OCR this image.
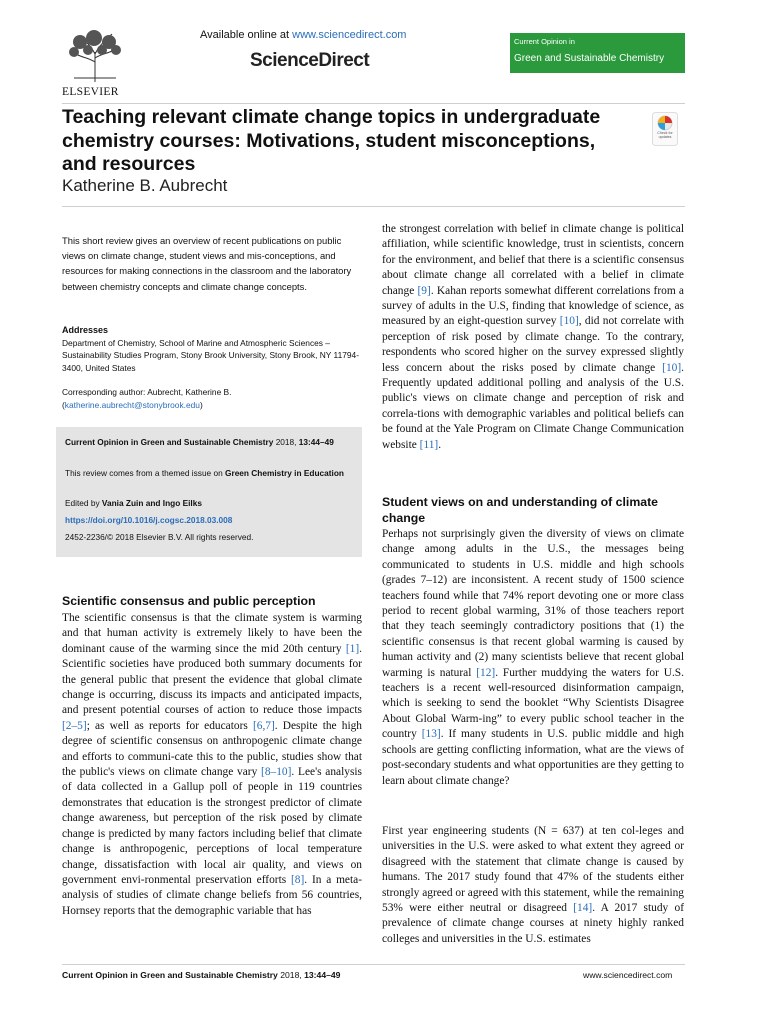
Available online at www.sciencedirect.com
ScienceDirect
ELSEVIER
Current Opinion in
Green and Sustainable Chemistry
Teaching relevant climate change topics in undergraduate chemistry courses: Motivations, student misconceptions, and resources
Katherine B. Aubrecht
Check for updates
This short review gives an overview of recent publications on public views on climate change, student views and mis-conceptions, and resources for making connections in the classroom and the laboratory between chemistry concepts and climate change concepts.
Addresses
Department of Chemistry, School of Marine and Atmospheric Sciences – Sustainability Studies Program, Stony Brook University, Stony Brook, NY 11794-3400, United States
Corresponding author: Aubrecht, Katherine B. (katherine.aubrecht@stonybrook.edu)
Current Opinion in Green and Sustainable Chemistry 2018, 13:44–49
This review comes from a themed issue on Green Chemistry in Education
Edited by Vania Zuin and Ingo Eilks
https://doi.org/10.1016/j.cogsc.2018.03.008
2452-2236/© 2018 Elsevier B.V. All rights reserved.
Scientific consensus and public perception

The scientific consensus is that the climate system is warming and that human activity is extremely likely to have been the dominant cause of the warming since the mid 20th century [1]. Scientific societies have produced both summary documents for the general public that present the evidence that global climate change is occurring, discuss its impacts and anticipated impacts, and present potential courses of action to reduce those impacts [2–5]; as well as reports for educators [6,7]. Despite the high degree of scientific consensus on anthropogenic climate change and efforts to communi-cate this to the public, studies show that the public's views on climate change vary [8–10]. Lee's analysis of data collected in a Gallup poll of people in 119 countries demonstrates that education is the strongest predictor of climate change awareness, but perception of the risk posed by climate change is predicted by many factors including belief that climate change is anthropogenic, perceptions of local temperature change, dissatisfaction with local air quality, and views on government envi-ronmental preservation efforts [8]. In a meta-analysis of studies of climate change beliefs from 56 countries, Hornsey reports that the demographic variable that has

the strongest correlation with belief in climate change is political affiliation, while scientific knowledge, trust in scientists, concern for the environment, and belief that there is a scientific consensus about climate change all correlated with a belief in climate change [9]. Kahan reports somewhat different correlations from a survey of adults in the U.S, finding that knowledge of science, as measured by an eight-question survey [10], did not correlate with perception of risk posed by climate change. To the contrary, respondents who scored higher on the survey expressed slightly less concern about the risks posed by climate change [10]. Frequently updated additional polling and analysis of the U.S. public's views on climate change and perception of risk and correla-tions with demographic variables and political beliefs can be found at the Yale Program on Climate Change Communication website [11].

Student views on and understanding of climate change

Perhaps not surprisingly given the diversity of views on climate change among adults in the U.S., the messages being communicated to students in U.S. middle and high schools (grades 7–12) are inconsistent. A recent study of 1500 science teachers found while that 74% report devoting one or more class period to recent global warming, 31% of those teachers report that they teach seemingly contradictory positions that (1) the scientific consensus is that recent global warming is caused by human activity and (2) many scientists believe that recent global warming is natural [12]. Further muddying the waters for U.S. teachers is a recent well-resourced disinformation campaign, which is seeking to send the booklet “Why Scientists Disagree About Global Warm-ing” to every public school teacher in the country [13]. If many students in U.S. public middle and high schools are getting conflicting information, what are the views of post-secondary students and what opportunities are they getting to learn about climate change?

First year engineering students (N = 637) at ten col-leges and universities in the U.S. were asked to what extent they agreed or disagreed with the statement that climate change is caused by humans. The 2017 study found that 47% of the students either strongly agreed or agreed with this statement, while the remaining 53% were either neutral or disagreed [14]. A 2017 study of prevalence of climate change courses at ninety highly ranked colleges and universities in the U.S. estimates

Current Opinion in Green and Sustainable Chemistry 2018, 13:44–49	www.sciencedirect.com
